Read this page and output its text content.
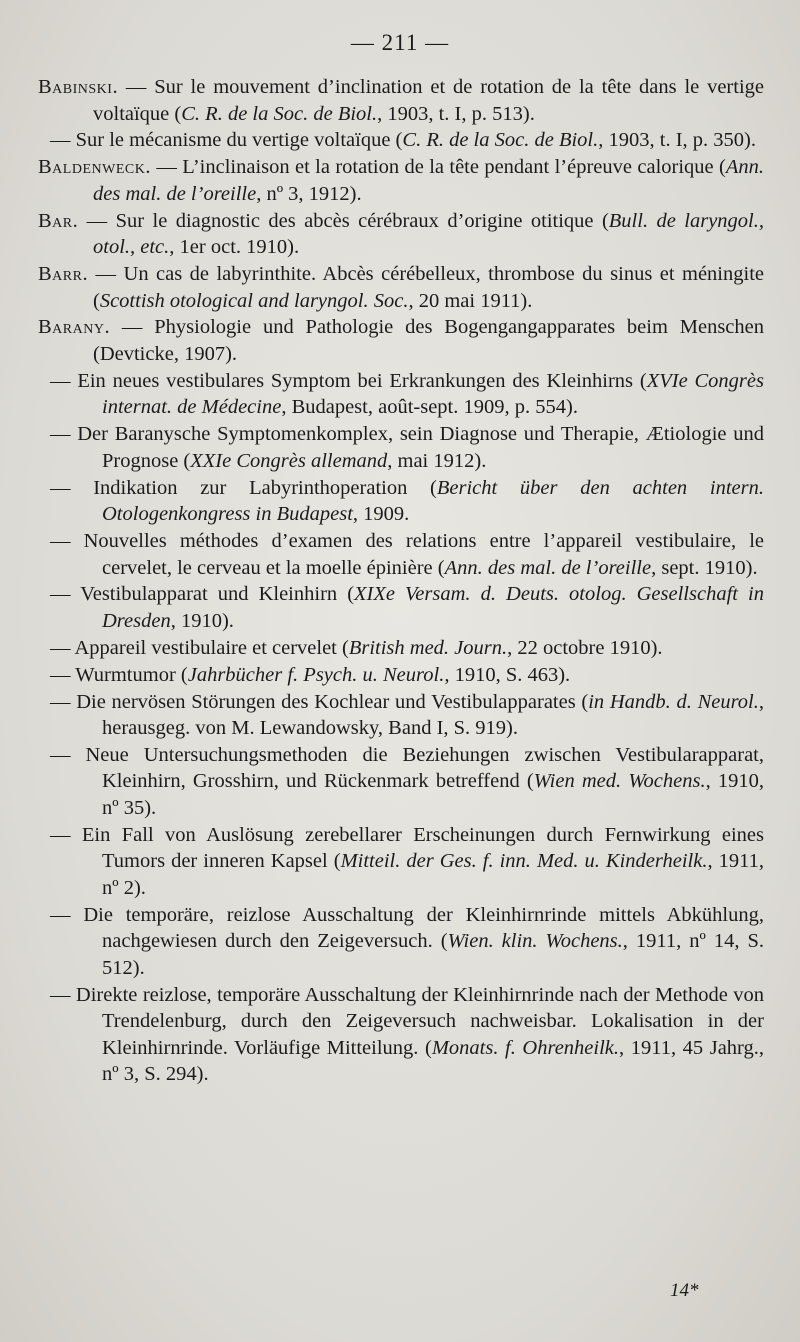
— 211 —

Babinski. — Sur le mouvement d’inclination et de rotation de la tête dans le vertige voltaïque (C. R. de la Soc. de Biol., 1903, t. I, p. 513).

— Sur le mécanisme du vertige voltaïque (C. R. de la Soc. de Biol., 1903, t. I, p. 350).

Baldenweck. — L’inclinaison et la rotation de la tête pendant l’épreuve calorique (Ann. des mal. de l’oreille, nº 3, 1912).

Bar. — Sur le diagnostic des abcès cérébraux d’origine otitique (Bull. de laryngol., otol., etc., 1er oct. 1910).

Barr. — Un cas de labyrinthite. Abcès cérébelleux, thrombose du sinus et méningite (Scottish otological and laryngol. Soc., 20 mai 1911).

Barany. — Physiologie und Pathologie des Bogengangapparates beim Menschen (Devticke, 1907).

— Ein neues vestibulares Symptom bei Erkrankungen des Kleinhirns (XVIe Congrès internat. de Médecine, Budapest, août-sept. 1909, p. 554).

— Der Baranysche Symptomenkomplex, sein Diagnose und Therapie, Ætiologie und Prognose (XXIe Congrès allemand, mai 1912).

— Indikation zur Labyrinthoperation (Bericht über den achten intern. Otologenkongress in Budapest, 1909.

— Nouvelles méthodes d’examen des relations entre l’appareil vestibulaire, le cervelet, le cerveau et la moelle épinière (Ann. des mal. de l’oreille, sept. 1910).

— Vestibulapparat und Kleinhirn (XIXe Versam. d. Deuts. otolog. Gesellschaft in Dresden, 1910).

— Appareil vestibulaire et cervelet (British med. Journ., 22 octobre 1910).

— Wurmtumor (Jahrbücher f. Psych. u. Neurol., 1910, S. 463).

— Die nervösen Störungen des Kochlear und Vestibulapparates (in Handb. d. Neurol., herausgeg. von M. Lewandowsky, Band I, S. 919).

— Neue Untersuchungsmethoden die Beziehungen zwischen Vestibularapparat, Kleinhirn, Grosshirn, und Rückenmark betreffend (Wien med. Wochens., 1910, nº 35).

— Ein Fall von Auslösung zerebellarer Erscheinungen durch Fernwirkung eines Tumors der inneren Kapsel (Mitteil. der Ges. f. inn. Med. u. Kinderheilk., 1911, nº 2).

— Die temporäre, reizlose Ausschaltung der Kleinhirnrinde mittels Abkühlung, nachgewiesen durch den Zeigeversuch. (Wien. klin. Wochens., 1911, nº 14, S. 512).

— Direkte reizlose, temporäre Ausschaltung der Kleinhirnrinde nach der Methode von Trendelenburg, durch den Zeigeversuch nachweisbar. Lokalisation in der Kleinhirnrinde. Vorläufige Mitteilung. (Monats. f. Ohrenheilk., 1911, 45 Jahrg., nº 3, S. 294).

14*
